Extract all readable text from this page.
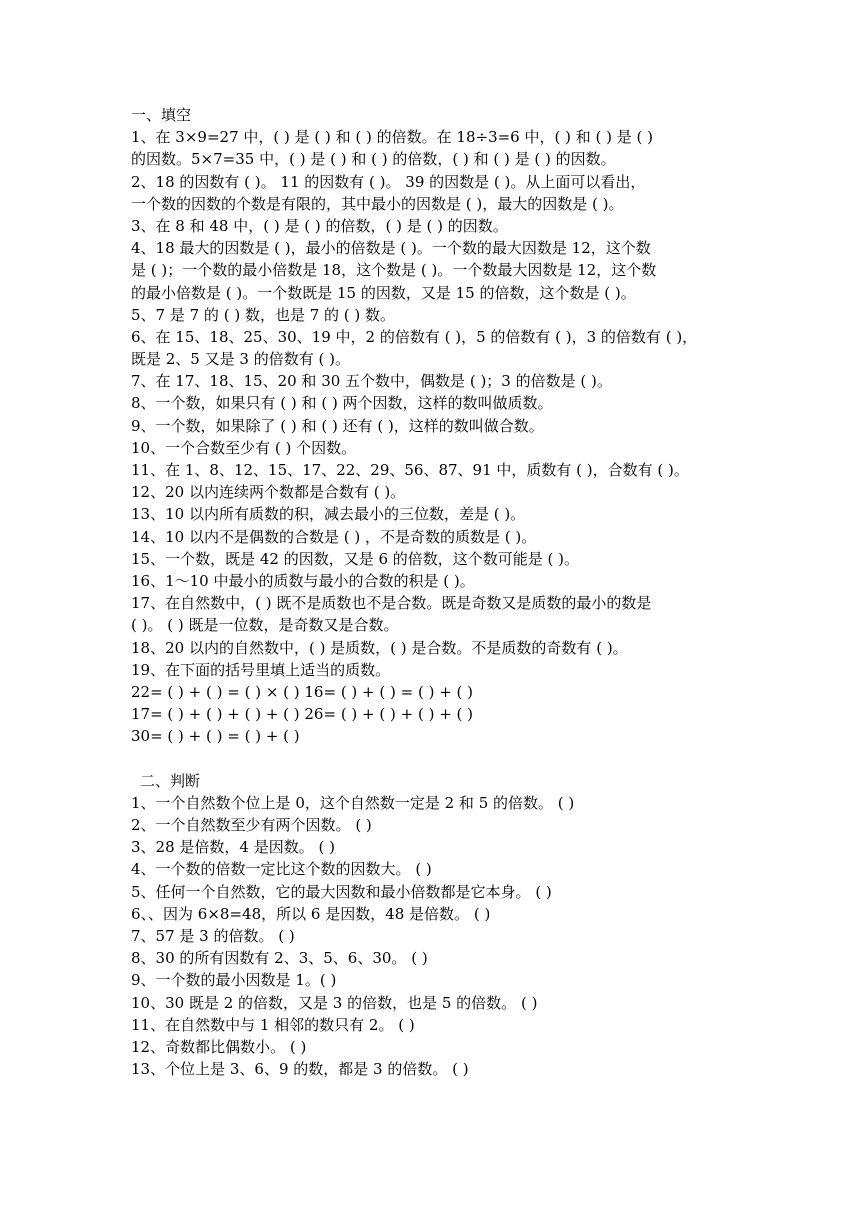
一、填空
1、在 3×9=27 中，( ) 是 ( ) 和 ( ) 的倍数。在 18÷3=6 中，( ) 和 ( ) 是 ( )
的因数。5×7=35 中，( ) 是 ( ) 和 ( ) 的倍数，( ) 和 ( ) 是 ( ) 的因数。
2、18 的因数有 ( )。 11 的因数有 ( )。 39 的因数是 ( )。从上面可以看出，
一个数的因数的个数是有限的，其中最小的因数是 ( )，最大的因数是 ( )。
3、在 8 和 48 中，( ) 是 ( ) 的倍数，( ) 是 ( ) 的因数。
4、18 最大的因数是 ( )，最小的倍数是 ( )。一个数的最大因数是 12，这个数
是 ( )；一个数的最小倍数是 18，这个数是 ( )。一个数最大因数是 12，这个数
的最小倍数是 ( )。一个数既是 15 的因数，又是 15 的倍数，这个数是 ( )。
5、7 是 7 的 ( ) 数，也是 7 的 ( ) 数。
6、在 15、18、25、30、19 中，2 的倍数有 ( )，5 的倍数有 ( )，3 的倍数有 ( )，
既是 2、5 又是 3 的倍数有 ( )。
7、在 17、18、15、20 和 30 五个数中，偶数是 ( )；3 的倍数是 ( )。
8、一个数，如果只有 ( ) 和 ( ) 两个因数，这样的数叫做质数。
9、一个数，如果除了 ( ) 和 ( ) 还有 ( )，这样的数叫做合数。
10、一个合数至少有 ( ) 个因数。
11、在 1、8、12、15、17、22、29、56、87、91 中，质数有 ( )，合数有 ( )。
12、20 以内连续两个数都是合数有 ( )。
13、10 以内所有质数的积，减去最小的三位数，差是 ( )。
14、10 以内不是偶数的合数是 ( ) ，不是奇数的质数是 ( )。
15、一个数，既是 42 的因数，又是 6 的倍数，这个数可能是 ( )。
16、1～10 中最小的质数与最小的合数的积是 ( )。
17、在自然数中，( ) 既不是质数也不是合数。既是奇数又是质数的最小的数是
( )。 ( ) 既是一位数，是奇数又是合数。
18、20 以内的自然数中，( ) 是质数，( ) 是合数。不是质数的奇数有 ( )。
19、在下面的括号里填上适当的质数。
22= ( ) + ( ) = ( ) × ( ) 16= ( ) + ( ) = ( ) + ( )
17= ( ) + ( ) + ( ) + ( ) 26= ( ) + ( ) + ( ) + ( )
30= ( ) + ( ) = ( ) + ( )
二、判断
1、一个自然数个位上是 0，这个自然数一定是 2 和 5 的倍数。 ( )
2、一个自然数至少有两个因数。 ( )
3、28 是倍数，4 是因数。 ( )
4、一个数的倍数一定比这个数的因数大。 ( )
5、任何一个自然数，它的最大因数和最小倍数都是它本身。 ( )
6、、因为 6×8=48，所以 6 是因数，48 是倍数。 ( )
7、57 是 3 的倍数。 ( )
8、30 的所有因数有 2、3、5、6、30。 ( )
9、一个数的最小因数是 1。( )
10、30 既是 2 的倍数，又是 3 的倍数，也是 5 的倍数。 ( )
11、在自然数中与 1 相邻的数只有 2。 ( )
12、奇数都比偶数小。 ( )
13、个位上是 3、6、9 的数，都是 3 的倍数。 ( )
